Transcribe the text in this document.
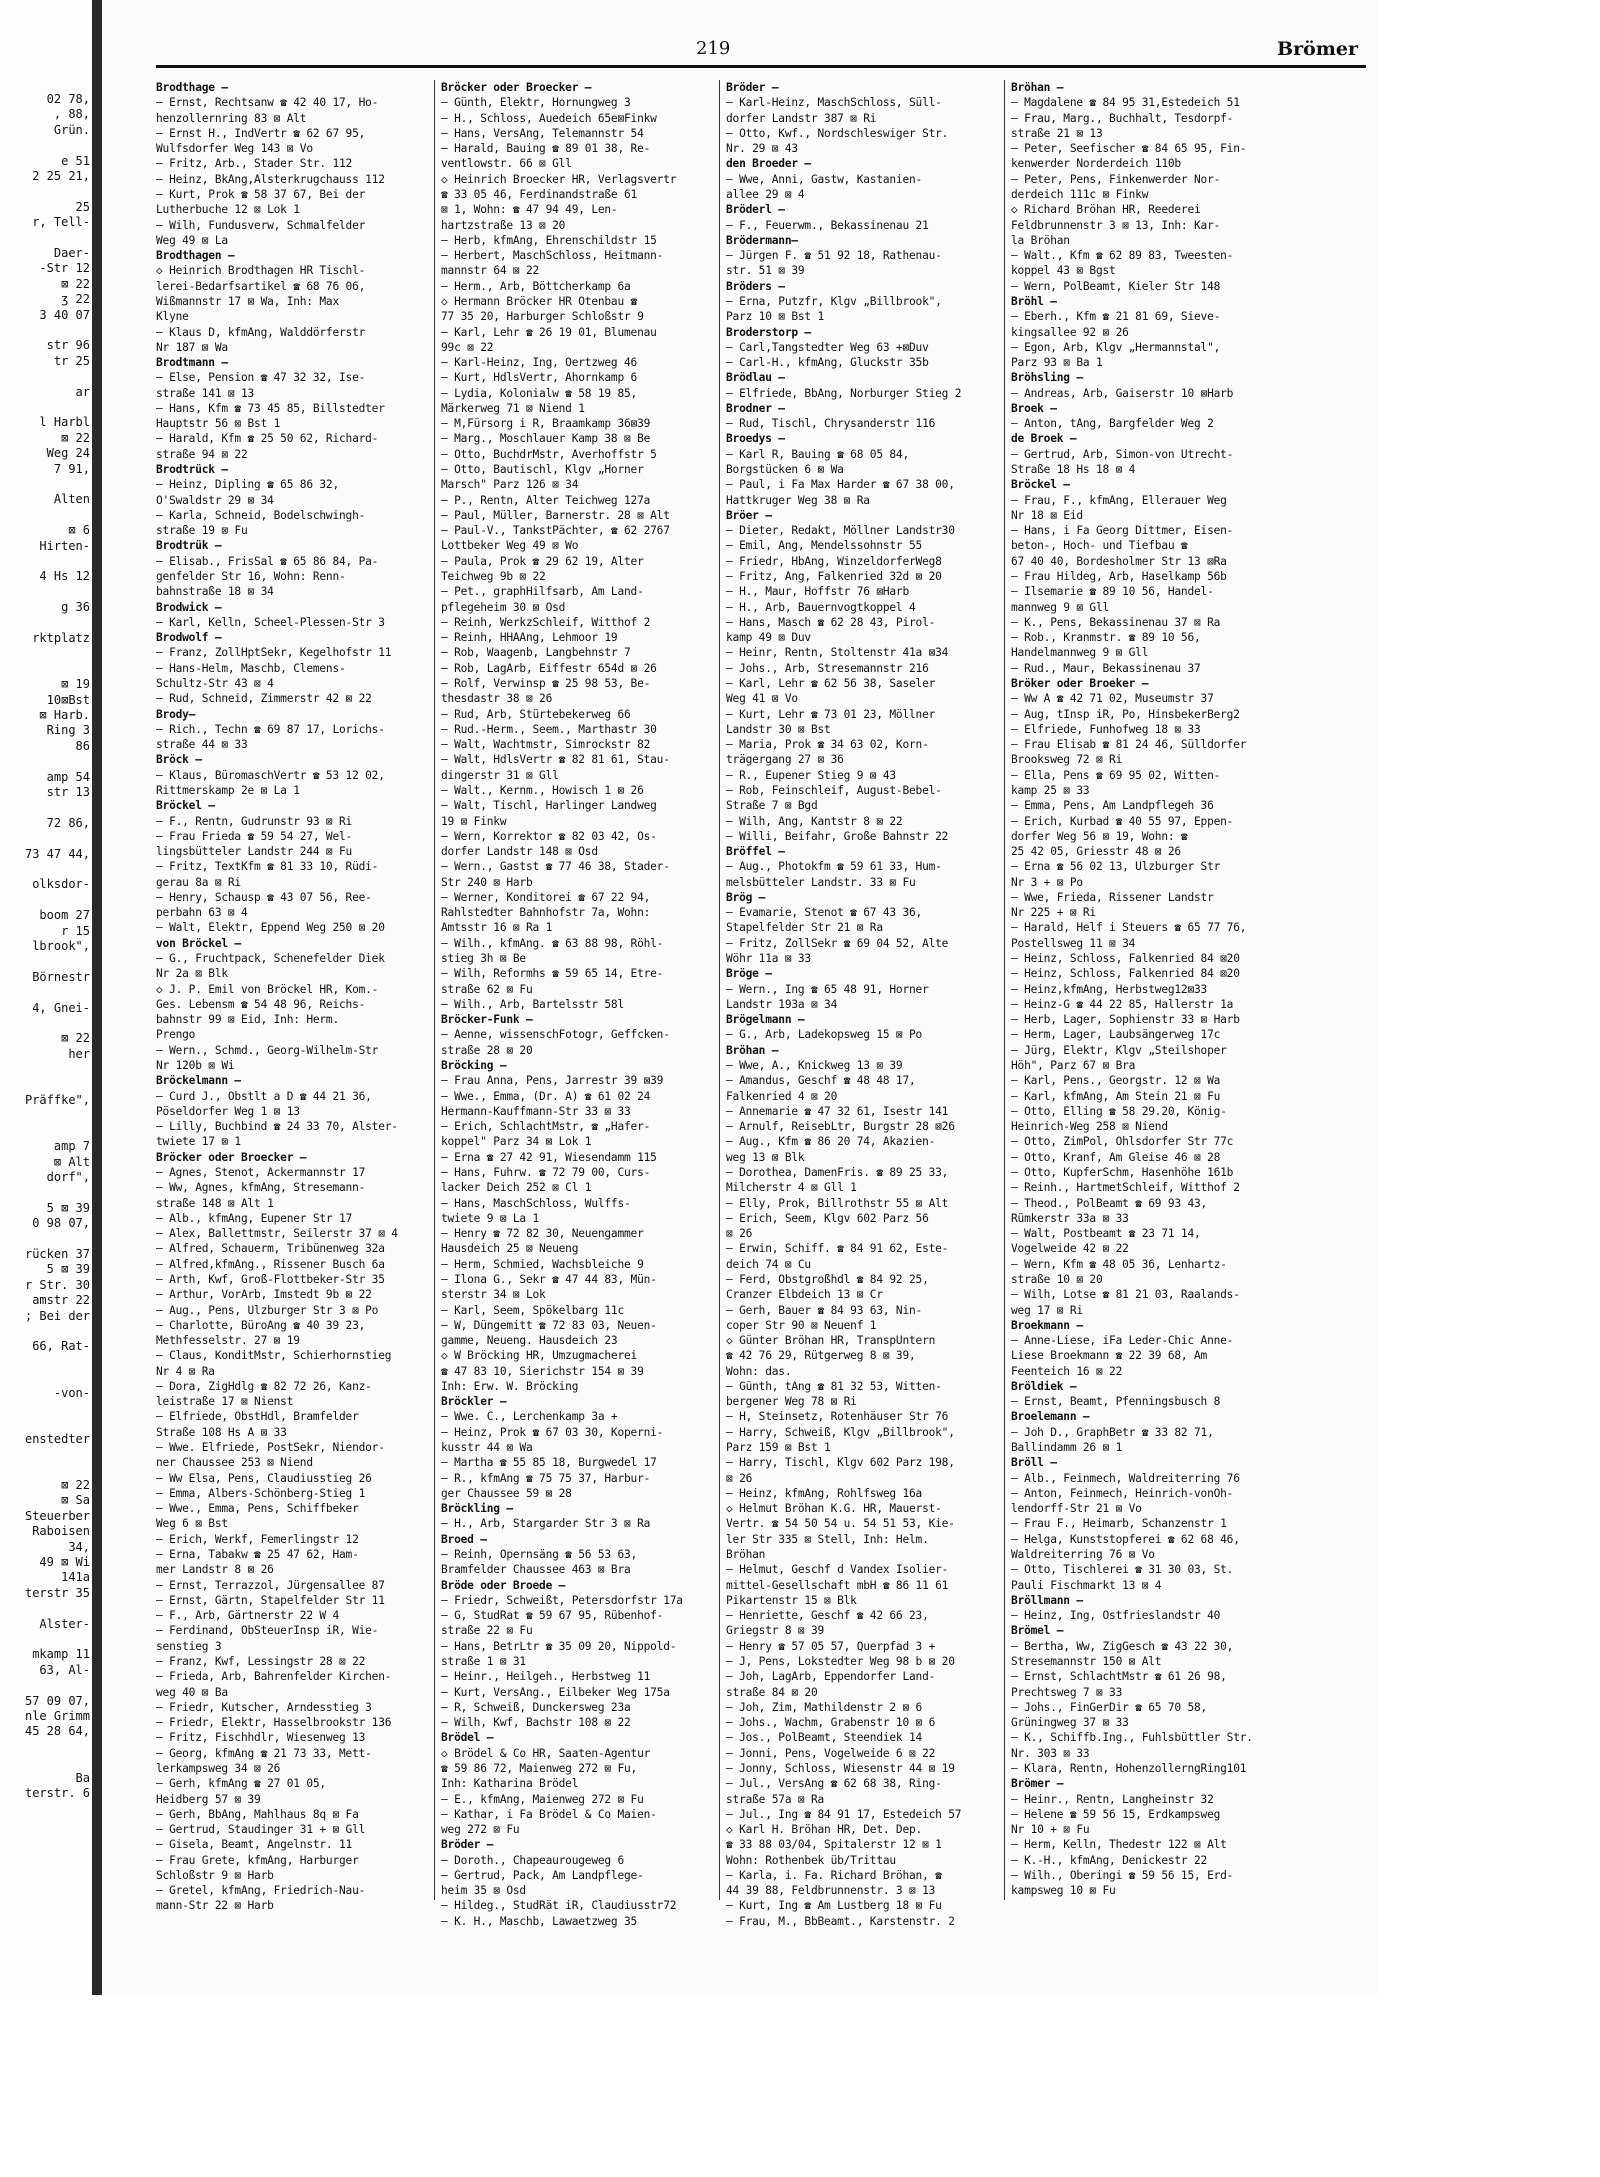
02 78,
, 88,
Grün.
e 51
2 25 21,
25
r, Tell-
Daer-
-Str 12
⊠ 22
ʒ 22
3 40 07
str 96
tr 25
ar
l Harbl
⊠ 22
Weg 24
7 91,
Alten
⊠ 6
Hirten-
4 Hs 12
g 36
rktplatz
⊠ 19
10⊠Bst
⊠ Harb.
Ring 3
86
amp 54
str 13
72 86,
73 47 44,
olksdor-
boom 27
r 15
lbrook",
Börnestr
4, Gnei-
⊠ 22
her
Präffke",
amp 7
⊠ Alt
dorf",
5 ⊠ 39
0 98 07,
rücken 37
5 ⊠ 39
r Str. 30
amstr 22
; Bei der
66, Rat-
-von-
enstedter
⊠ 22
⊠ Sa
Steuerber
Raboisen
34,
49 ⊠ Wi
141a
terstr 35
Alster-
mkamp 11
63, Al-
57 09 07,
nle Grimm
45 28 64,
Ba
terstr. 6
219	Brömer
Brodthage —
— Ernst, Rechtsanw ☎ 42 40 17, Ho-
henzollernring 83 ⊠ Alt
— Ernst H., IndVertr ☎ 62 67 95,
Wulfsdorfer Weg 143 ⊠ Vo
— Fritz, Arb., Stader Str. 112
— Heinz, BkAng,Alsterkrugchauss 112
— Kurt, Prok ☎ 58 37 67, Bei der
Lutherbuche 12 ⊠ Lok 1
— Wilh, Fundusverw, Schmalfelder
Weg 49 ⊠ La
Brodthagen —
◇ Heinrich Brodthagen HR Tischl-
lerei-Bedarfsartikel ☎ 68 76 06,
Wißmannstr 17 ⊠ Wa, Inh: Max
Klyne
— Klaus D, kfmAng, Walddörferstr
Nr 187 ⊠ Wa
Brodtmann —
— Else, Pension ☎ 47 32 32, Ise-
straße 141 ⊠ 13
— Hans, Kfm ☎ 73 45 85, Billstedter
Hauptstr 56 ⊠ Bst 1
— Harald, Kfm ☎ 25 50 62, Richard-
straße 94 ⊠ 22
Brodtrück —
— Heinz, Dipling ☎ 65 86 32,
O'Swaldstr 29 ⊠ 34
— Karla, Schneid, Bodelschwingh-
straße 19 ⊠ Fu
Brodtrük —
— Elisab., FrisSal ☎ 65 86 84, Pa-
genfelder Str 16, Wohn: Renn-
bahnstraße 18 ⊠ 34
Brodwick —
— Karl, Kelln, Scheel-Plessen-Str 3
Brodwolf —
— Franz, ZollHptSekr, Kegelhofstr 11
— Hans-Helm, Maschb, Clemens-
Schultz-Str 43 ⊠ 4
— Rud, Schneid, Zimmerstr 42 ⊠ 22
Brody—
— Rich., Techn ☎ 69 87 17, Lorichs-
straße 44 ⊠ 33
Bröck —
— Klaus, BüromaschVertr ☎ 53 12 02,
Rittmerskamp 2e ⊠ La 1
Bröckel —
— F., Rentn, Gudrunstr 93 ⊠ Ri
— Frau Frieda ☎ 59 54 27, Wel-
lingsbütteler Landstr 244 ⊠ Fu
— Fritz, TextKfm ☎ 81 33 10, Rüdi-
gerau 8a ⊠ Ri
— Henry, Schausp ☎ 43 07 56, Ree-
perbahn 63 ⊠ 4
— Walt, Elektr, Eppend Weg 250 ⊠ 20
von Bröckel —
— G., Fruchtpack, Schenefelder Diek
Nr 2a ⊠ Blk
◇ J. P. Emil von Bröckel HR, Kom.-
Ges. Lebensm ☎ 54 48 96, Reichs-
bahnstr 99 ⊠ Eid, Inh: Herm.
Prengo
— Wern., Schmd., Georg-Wilhelm-Str
Nr 120b ⊠ Wi
Bröckelmann —
— Curd J., Obstlt a D ☎ 44 21 36,
Pöseldorfer Weg 1 ⊠ 13
— Lilly, Buchbind ☎ 24 33 70, Alster-
twiete 17 ⊠ 1
Bröcker oder Broecker —
— Agnes, Stenot, Ackermannstr 17
— Ww, Agnes, kfmAng, Stresemann-
straße 148 ⊠ Alt 1
— Alb., kfmAng, Eupener Str 17
— Alex, Ballettmstr, Seilerstr 37 ⊠ 4
— Alfred, Schauerm, Tribünenweg 32a
— Alfred,kfmAng., Rissener Busch 6a
— Arth, Kwf, Groß-Flottbeker-Str 35
— Arthur, VorArb, Imstedt 9b ⊠ 22
— Aug., Pens, Ulzburger Str 3 ⊠ Po
— Charlotte, BüroAng ☎ 40 39 23,
Methfesselstr. 27 ⊠ 19
— Claus, KonditMstr, Schierhornstieg
Nr 4 ⊠ Ra
— Dora, ZigHdlg ☎ 82 72 26, Kanz-
leistraße 17 ⊠ Nienst
— Elfriede, ObstHdl, Bramfelder
Straße 108 Hs A ⊠ 33
— Wwe. Elfriede, PostSekr, Niendor-
ner Chaussee 253 ⊠ Niend
— Ww Elsa, Pens, Claudiusstieg 26
— Emma, Albers-Schönberg-Stieg 1
— Wwe., Emma, Pens, Schiffbeker
Weg 6 ⊠ Bst
— Erich, Werkf, Femerlingstr 12
— Erna, Tabakw ☎ 25 47 62, Ham-
mer Landstr 8 ⊠ 26
— Ernst, Terrazzol, Jürgensallee 87
— Ernst, Gärtn, Stapelfelder Str 11
— F., Arb, Gärtnerstr 22 W 4
— Ferdinand, ObSteuerInsp iR, Wie-
senstieg 3
— Franz, Kwf, Lessingstr 28 ⊠ 22
— Frieda, Arb, Bahrenfelder Kirchen-
weg 40 ⊠ Ba
— Friedr, Kutscher, Arndesstieg 3
— Friedr, Elektr, Hasselbrookstr 136
— Fritz, Fischhdlr, Wiesenweg 13
— Georg, kfmAng ☎ 21 73 33, Mett-
lerkampsweg 34 ⊠ 26
— Gerh, kfmAng ☎ 27 01 05,
Heidberg 57 ⊠ 39
— Gerh, BbAng, Mahlhaus 8q ⊠ Fa
— Gertrud, Staudinger 31 + ⊠ Gll
— Gisela, Beamt, Angelnstr. 11
— Frau Grete, kfmAng, Harburger
Schloßstr 9 ⊠ Harb
— Gretel, kfmAng, Friedrich-Nau-
mann-Str 22 ⊠ Harb
Bröcker oder Broecker —
— Günth, Elektr, Hornungweg 3
— H., Schloss, Auedeich 65e⊠Finkw
— Hans, VersAng, Telemannstr 54
— Harald, Bauing ☎ 89 01 38, Re-
ventlowstr. 66 ⊠ Gll
◇ Heinrich Broecker HR, Verlagsvertr
☎ 33 05 46, Ferdinandstraße 61
⊠ 1, Wohn: ☎ 47 94 49, Len-
hartzstraße 13 ⊠ 20
— Herb, kfmAng, Ehrenschildstr 15
— Herbert, MaschSchloss, Heitmann-
mannstr 64 ⊠ 22
— Herm., Arb, Böttcherkamp 6a
◇ Hermann Bröcker HR Otenbau ☎
77 35 20, Harburger Schloßstr 9
— Karl, Lehr ☎ 26 19 01, Blumenau
99c ⊠ 22
— Karl-Heinz, Ing, Oertzweg 46
— Kurt, HdlsVertr, Ahornkamp 6
— Lydia, Kolonialw ☎ 58 19 85,
Märkerweg 71 ⊠ Niend 1
— M,Fürsorg i R, Braamkamp 36⊠39
— Marg., Moschlauer Kamp 38 ⊠ Be
— Otto, BuchdrMstr, Averhoffstr 5
— Otto, Bautischl, Klgv „Horner
Marsch" Parz 126 ⊠ 34
— P., Rentn, Alter Teichweg 127a
— Paul, Müller, Barnerstr. 28 ⊠ Alt
— Paul-V., TankstPächter, ☎ 62 2767
Lottbeker Weg 49 ⊠ Wo
— Paula, Prok ☎ 29 62 19, Alter
Teichweg 9b ⊠ 22
— Pet., graphHilfsarb, Am Land-
pflegeheim 30 ⊠ Osd
— Reinh, WerkzSchleif, Witthof 2
— Reinh, HHAAng, Lehmoor 19
— Rob, Waagenb, Langbehnstr 7
— Rob, LagArb, Eiffestr 654d ⊠ 26
— Rolf, Verwinsp ☎ 25 98 53, Be-
thesdastr 38 ⊠ 26
— Rud, Arb, Stürtebekerweg 66
— Rud.-Herm., Seem., Marthastr 30
— Walt, Wachtmstr, Simrockstr 82
— Walt, HdlsVertr ☎ 82 81 61, Stau-
dingerstr 31 ⊠ Gll
— Walt., Kernm., Howisch 1 ⊠ 26
— Walt, Tischl, Harlinger Landweg
19 ⊠ Finkw
— Wern, Korrektor ☎ 82 03 42, Os-
dorfer Landstr 148 ⊠ Osd
— Wern., Gastst ☎ 77 46 38, Stader-
Str 240 ⊠ Harb
— Werner, Konditorei ☎ 67 22 94,
Rahlstedter Bahnhofstr 7a, Wohn:
Amtsstr 16 ⊠ Ra 1
— Wilh., kfmAng. ☎ 63 88 98, Röhl-
stieg 3h ⊠ Be
— Wilh, Reformhs ☎ 59 65 14, Etre-
straße 62 ⊠ Fu
— Wilh., Arb, Bartelsstr 58l
Bröcker-Funk —
— Aenne, wissenschFotogr, Geffcken-
straße 28 ⊠ 20
Bröcking —
— Frau Anna, Pens, Jarrestr 39 ⊠39
— Wwe., Emma, (Dr. A) ☎ 61 02 24
Hermann-Kauffmann-Str 33 ⊠ 33
— Erich, SchlachtMstr, ☎ „Hafer-
koppel" Parz 34 ⊠ Lok 1
— Erna ☎ 27 42 91, Wiesendamm 115
— Hans, Fuhrw. ☎ 72 79 00, Curs-
lacker Deich 252 ⊠ Cl 1
— Hans, MaschSchloss, Wulffs-
twiete 9 ⊠ La 1
— Henry ☎ 72 82 30, Neuengammer
Hausdeich 25 ⊠ Neueng
— Herm, Schmied, Wachsbleiche 9
— Ilona G., Sekr ☎ 47 44 83, Mün-
sterstr 34 ⊠ Lok
— Karl, Seem, Spökelbarg 11c
— W, Düngemitt ☎ 72 83 03, Neuen-
gamme, Neueng. Hausdeich 23
◇ W Bröcking HR, Umzugmacherei
☎ 47 83 10, Sierichstr 154 ⊠ 39
Inh: Erw. W. Bröcking
Bröckler —
— Wwe. C., Lerchenkamp 3a +
— Heinz, Prok ☎ 67 03 30, Koperni-
kusstr 44 ⊠ Wa
— Martha ☎ 55 85 18, Burgwedel 17
— R., kfmAng ☎ 75 75 37, Harbur-
ger Chaussee 59 ⊠ 28
Bröckling —
— H., Arb, Stargarder Str 3 ⊠ Ra
Broed —
— Reinh, Opernsäng ☎ 56 53 63,
Bramfelder Chaussee 463 ⊠ Bra
Bröde oder Broede —
— Friedr, Schweißt, Petersdorfstr 17a
— G, StudRat ☎ 59 67 95, Rübenhof-
straße 22 ⊠ Fu
— Hans, BetrLtr ☎ 35 09 20, Nippold-
straße 1 ⊠ 31
— Heinr., Heilgeh., Herbstweg 11
— Kurt, VersAng., Eilbeker Weg 175a
— R, Schweiß, Dunckersweg 23a
— Wilh, Kwf, Bachstr 108 ⊠ 22
Brödel —
◇ Brödel & Co HR, Saaten-Agentur
☎ 59 86 72, Maienweg 272 ⊠ Fu,
Inh: Katharina Brödel
— E., kfmAng, Maienweg 272 ⊠ Fu
— Kathar, i Fa Brödel & Co Maien-
weg 272 ⊠ Fu
Bröder —
— Doroth., Chapeaurougeweg 6
— Gertrud, Pack, Am Landpflege-
heim 35 ⊠ Osd
— Hildeg., StudRät iR, Claudiusstr72
— K. H., Maschb, Lawaetzweg 35
Bröder —
— Karl-Heinz, MaschSchloss, Süll-
dorfer Landstr 387 ⊠ Ri
— Otto, Kwf., Nordschleswiger Str.
Nr. 29 ⊠ 43
den Broeder —
— Wwe, Anni, Gastw, Kastanien-
allee 29 ⊠ 4
Bröderl —
— F., Feuerwm., Bekassinenau 21
Brödermann—
— Jürgen F. ☎ 51 92 18, Rathenau-
str. 51 ⊠ 39
Bröders —
— Erna, Putzfr, Klgv „Billbrook",
Parz 10 ⊠ Bst 1
Broderstorp —
— Carl,Tangstedter Weg 63 +⊠Duv
— Carl-H., kfmAng, Gluckstr 35b
Brödlau —
— Elfriede, BbAng, Norburger Stieg 2
Brodner —
— Rud, Tischl, Chrysanderstr 116
Broedys —
— Karl R, Bauing ☎ 68 05 84,
Borgstücken 6 ⊠ Wa
— Paul, i Fa Max Harder ☎ 67 38 00,
Hattkruger Weg 38 ⊠ Ra
Bröer —
— Dieter, Redakt, Möllner Landstr30
— Emil, Ang, Mendelssohnstr 55
— Friedr, HbAng, WinzeldorferWeg8
— Fritz, Ang, Falkenried 32d ⊠ 20
— H., Maur, Hoffstr 76 ⊠Harb
— H., Arb, Bauernvogtkoppel 4
— Hans, Masch ☎ 62 28 43, Pirol-
kamp 49 ⊠ Duv
— Heinr, Rentn, Stoltenstr 41a ⊠34
— Johs., Arb, Stresemannstr 216
— Karl, Lehr ☎ 62 56 38, Saseler
Weg 41 ⊠ Vo
— Kurt, Lehr ☎ 73 01 23, Möllner
Landstr 30 ⊠ Bst
— Maria, Prok ☎ 34 63 02, Korn-
trägergang 27 ⊠ 36
— R., Eupener Stieg 9 ⊠ 43
— Rob, Feinschleif, August-Bebel-
Straße 7 ⊠ Bgd
— Wilh, Ang, Kantstr 8 ⊠ 22
— Willi, Beifahr, Große Bahnstr 22
Bröffel —
— Aug., Photokfm ☎ 59 61 33, Hum-
melsbütteler Landstr. 33 ⊠ Fu
Brög —
— Evamarie, Stenot ☎ 67 43 36,
Stapelfelder Str 21 ⊠ Ra
— Fritz, ZollSekr ☎ 69 04 52, Alte
Wöhr 11a ⊠ 33
Bröge —
— Wern., Ing ☎ 65 48 91, Horner
Landstr 193a ⊠ 34
Brögelmann —
— G., Arb, Ladekopsweg 15 ⊠ Po
Bröhan —
— Wwe, A., Knickweg 13 ⊠ 39
— Amandus, Geschf ☎ 48 48 17,
Falkenried 4 ⊠ 20
— Annemarie ☎ 47 32 61, Isestr 141
— Arnulf, ReisebLtr, Burgstr 28 ⊠26
— Aug., Kfm ☎ 86 20 74, Akazien-
weg 13 ⊠ Blk
— Dorothea, DamenFris. ☎ 89 25 33,
Milcherstr 4 ⊠ Gll 1
— Elly, Prok, Billrothstr 55 ⊠ Alt
— Erich, Seem, Klgv 602 Parz 56
⊠ 26
— Erwin, Schiff. ☎ 84 91 62, Este-
deich 74 ⊠ Cu
— Ferd, Obstgroßhdl ☎ 84 92 25,
Cranzer Elbdeich 13 ⊠ Cr
— Gerh, Bauer ☎ 84 93 63, Nin-
coper Str 90 ⊠ Neuenf 1
◇ Günter Bröhan HR, TranspUntern
☎ 42 76 29, Rütgerweg 8 ⊠ 39,
Wohn: das.
— Günth, tAng ☎ 81 32 53, Witten-
bergener Weg 78 ⊠ Ri
— H, Steinsetz, Rotenhäuser Str 76
— Harry, Schweiß, Klgv „Billbrook",
Parz 159 ⊠ Bst 1
— Harry, Tischl, Klgv 602 Parz 198,
⊠ 26
— Heinz, kfmAng, Rohlfsweg 16a
◇ Helmut Bröhan K.G. HR, Mauerst-
Vertr. ☎ 54 50 54 u. 54 51 53, Kie-
ler Str 335 ⊠ Stell, Inh: Helm.
Bröhan
— Helmut, Geschf d Vandex Isolier-
mittel-Gesellschaft mbH ☎ 86 11 61
Pikartenstr 15 ⊠ Blk
— Henriette, Geschf ☎ 42 66 23,
Griegstr 8 ⊠ 39
— Henry ☎ 57 05 57, Querpfad 3 +
— J, Pens, Lokstedter Weg 98 b ⊠ 20
— Joh, LagArb, Eppendorfer Land-
straße 84 ⊠ 20
— Joh, Zim, Mathildenstr 2 ⊠ 6
— Johs., Wachm, Grabenstr 10 ⊠ 6
— Jos., PolBeamt, Steendiek 14
— Jonni, Pens, Vogelweide 6 ⊠ 22
— Jonny, Schloss, Wiesenstr 44 ⊠ 19
— Jul., VersAng ☎ 62 68 38, Ring-
straße 57a ⊠ Ra
— Jul., Ing ☎ 84 91 17, Estedeich 57
◇ Karl H. Bröhan HR, Det. Dep.
☎ 33 88 03/04, Spitalerstr 12 ⊠ 1
Wohn: Rothenbek üb/Trittau
— Karla, i. Fa. Richard Bröhan, ☎
44 39 88, Feldbrunnenstr. 3 ⊠ 13
— Kurt, Ing ☎ Am Lustberg 18 ⊠ Fu
— Frau, M., BbBeamt., Karstenstr. 2
Bröhan —
— Magdalene ☎ 84 95 31,Estedeich 51
— Frau, Marg., Buchhalt, Tesdorpf-
straße 21 ⊠ 13
— Peter, Seefischer ☎ 84 65 95, Fin-
kenwerder Norderdeich 110b
— Peter, Pens, Finkenwerder Nor-
derdeich 111c ⊠ Finkw
◇ Richard Bröhan HR, Reederei
Feldbrunnenstr 3 ⊠ 13, Inh: Kar-
la Bröhan
— Walt., Kfm ☎ 62 89 83, Tweesten-
koppel 43 ⊠ Bgst
— Wern, PolBeamt, Kieler Str 148
Bröhl —
— Eberh., Kfm ☎ 21 81 69, Sieve-
kingsallee 92 ⊠ 26
— Egon, Arb, Klgv „Hermannstal",
Parz 93 ⊠ Ba 1
Bröhsling —
— Andreas, Arb, Gaiserstr 10 ⊠Harb
Broek —
— Anton, tAng, Bargfelder Weg 2
de Broek —
— Gertrud, Arb, Simon-von Utrecht-
Straße 18 Hs 18 ⊠ 4
Bröckel —
— Frau, F., kfmAng, Ellerauer Weg
Nr 18 ⊠ Eid
— Hans, i Fa Georg Dittmer, Eisen-
beton-, Hoch- und Tiefbau ☎
67 40 40, Bordesholmer Str 13 ⊠Ra
— Frau Hildeg, Arb, Haselkamp 56b
— Ilsemarie ☎ 89 10 56, Handel-
mannweg 9 ⊠ Gll
— K., Pens, Bekassinenau 37 ⊠ Ra
— Rob., Kranmstr. ☎ 89 10 56,
Handelmannweg 9 ⊠ Gll
— Rud., Maur, Bekassinenau 37
Bröker oder Broeker —
— Ww A ☎ 42 71 02, Museumstr 37
— Aug, tInsp iR, Po, HinsbekerBerg2
— Elfriede, Funhofweg 18 ⊠ 33
— Frau Elisab ☎ 81 24 46, Sülldorfer
Brooksweg 72 ⊠ Ri
— Ella, Pens ☎ 69 95 02, Witten-
kamp 25 ⊠ 33
— Emma, Pens, Am Landpflegeh 36
— Erich, Kurbad ☎ 40 55 97, Eppen-
dorfer Weg 56 ⊠ 19, Wohn: ☎
25 42 05, Griesstr 48 ⊠ 26
— Erna ☎ 56 02 13, Ulzburger Str
Nr 3 + ⊠ Po
— Wwe, Frieda, Rissener Landstr
Nr 225 + ⊠ Ri
— Harald, Helf i Steuers ☎ 65 77 76,
Postellsweg 11 ⊠ 34
— Heinz, Schloss, Falkenried 84 ⊠20
— Heinz, Schloss, Falkenried 84 ⊠20
— Heinz,kfmAng, Herbstweg12⊠33
— Heinz-G ☎ 44 22 85, Hallerstr 1a
— Herb, Lager, Sophienstr 33 ⊠ Harb
— Herm, Lager, Laubsängerweg 17c
— Jürg, Elektr, Klgv „Steilshoper
Höh", Parz 67 ⊠ Bra
— Karl, Pens., Georgstr. 12 ⊠ Wa
— Karl, kfmAng, Am Stein 21 ⊠ Fu
— Otto, Elling ☎ 58 29.20, König-
Heinrich-Weg 258 ⊠ Niend
— Otto, ZimPol, Ohlsdorfer Str 77c
— Otto, Kranf, Am Gleise 46 ⊠ 28
— Otto, KupferSchm, Hasenhöhe 161b
— Reinh., HartmetSchleif, Witthof 2
— Theod., PolBeamt ☎ 69 93 43,
Rümkerstr 33a ⊠ 33
— Walt, Postbeamt ☎ 23 71 14,
Vogelweide 42 ⊠ 22
— Wern, Kfm ☎ 48 05 36, Lenhartz-
straße 10 ⊠ 20
— Wilh, Lotse ☎ 81 21 03, Raalands-
weg 17 ⊠ Ri
Broekmann —
— Anne-Liese, iFa Leder-Chic Anne-
Liese Broekmann ☎ 22 39 68, Am
Feenteich 16 ⊠ 22
Bröldiek —
— Ernst, Beamt, Pfenningsbusch 8
Broelemann —
— Joh D., GraphBetr ☎ 33 82 71,
Ballindamm 26 ⊠ 1
Bröll —
— Alb., Feinmech, Waldreiterring 76
— Anton, Feinmech, Heinrich-vonOh-
lendorff-Str 21 ⊠ Vo
— Frau F., Heimarb, Schanzenstr 1
— Helga, Kunststopferei ☎ 62 68 46,
Waldreiterring 76 ⊠ Vo
— Otto, Tischlerei ☎ 31 30 03, St.
Pauli Fischmarkt 13 ⊠ 4
Bröllmann —
— Heinz, Ing, Ostfrieslandstr 40
Brömel —
— Bertha, Ww, ZigGesch ☎ 43 22 30,
Stresemannstr 150 ⊠ Alt
— Ernst, SchlachtMstr ☎ 61 26 98,
Prechtsweg 7 ⊠ 33
— Johs., FinGerDir ☎ 65 70 58,
Grüningweg 37 ⊠ 33
— K., Schiffb.Ing., Fuhlsbüttler Str.
Nr. 303 ⊠ 33
— Klara, Rentn, HohenzollerngRing101
Brömer —
— Heinr., Rentn, Langheinstr 32
— Helene ☎ 59 56 15, Erdkampsweg
Nr 10 + ⊠ Fu
— Herm, Kelln, Thedestr 122 ⊠ Alt
— K.-H., kfmAng, Denickestr 22
— Wilh., Oberingi ☎ 59 56 15, Erd-
kampsweg 10 ⊠ Fu
